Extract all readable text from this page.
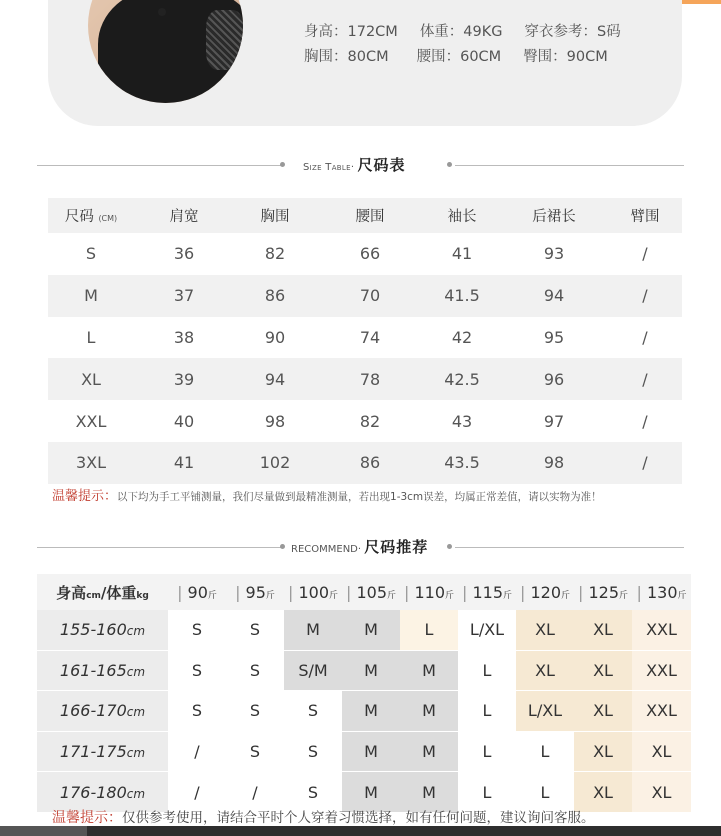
身高：172CM 体重：49KG 穿衣参考：S码
胸围：80CM 腰围：60CM 臀围：90CM
Size Table· 尺码表
尺码 (CM)	肩宽	胸围	腰围	袖长	后裙长	臂围
S	36	82	66	41	93	/
M	37	86	70	41.5	94	/
L	38	90	74	42	95	/
XL	39	94	78	42.5	96	/
XXL	40	98	82	43	97	/
3XL	41	102	86	43.5	98	/
温馨提示：以下均为手工平铺测量，我们尽量做到最精准测量，若出现1-3cm误差，均属正常差值，请以实物为准！
RECOMMEND· 尺码推荐
身高cm/体重kg	| 90斤	| 95斤	| 100斤	| 105斤	| 110斤	| 115斤	| 120斤	| 125斤	| 130斤
155-160cm	S	S	M	M	L	L/XL	XL	XL	XXL
161-165cm	S	S	S/M	M	M	L	XL	XL	XXL
166-170cm	S	S	S	M	M	L	L/XL	XL	XXL
171-175cm	/	S	S	M	M	L	L	XL	XL
176-180cm	/	/	S	M	M	L	L	XL	XL
温馨提示：仅供参考使用，请结合平时个人穿着习惯选择，如有任何问题，建议询问客服。
